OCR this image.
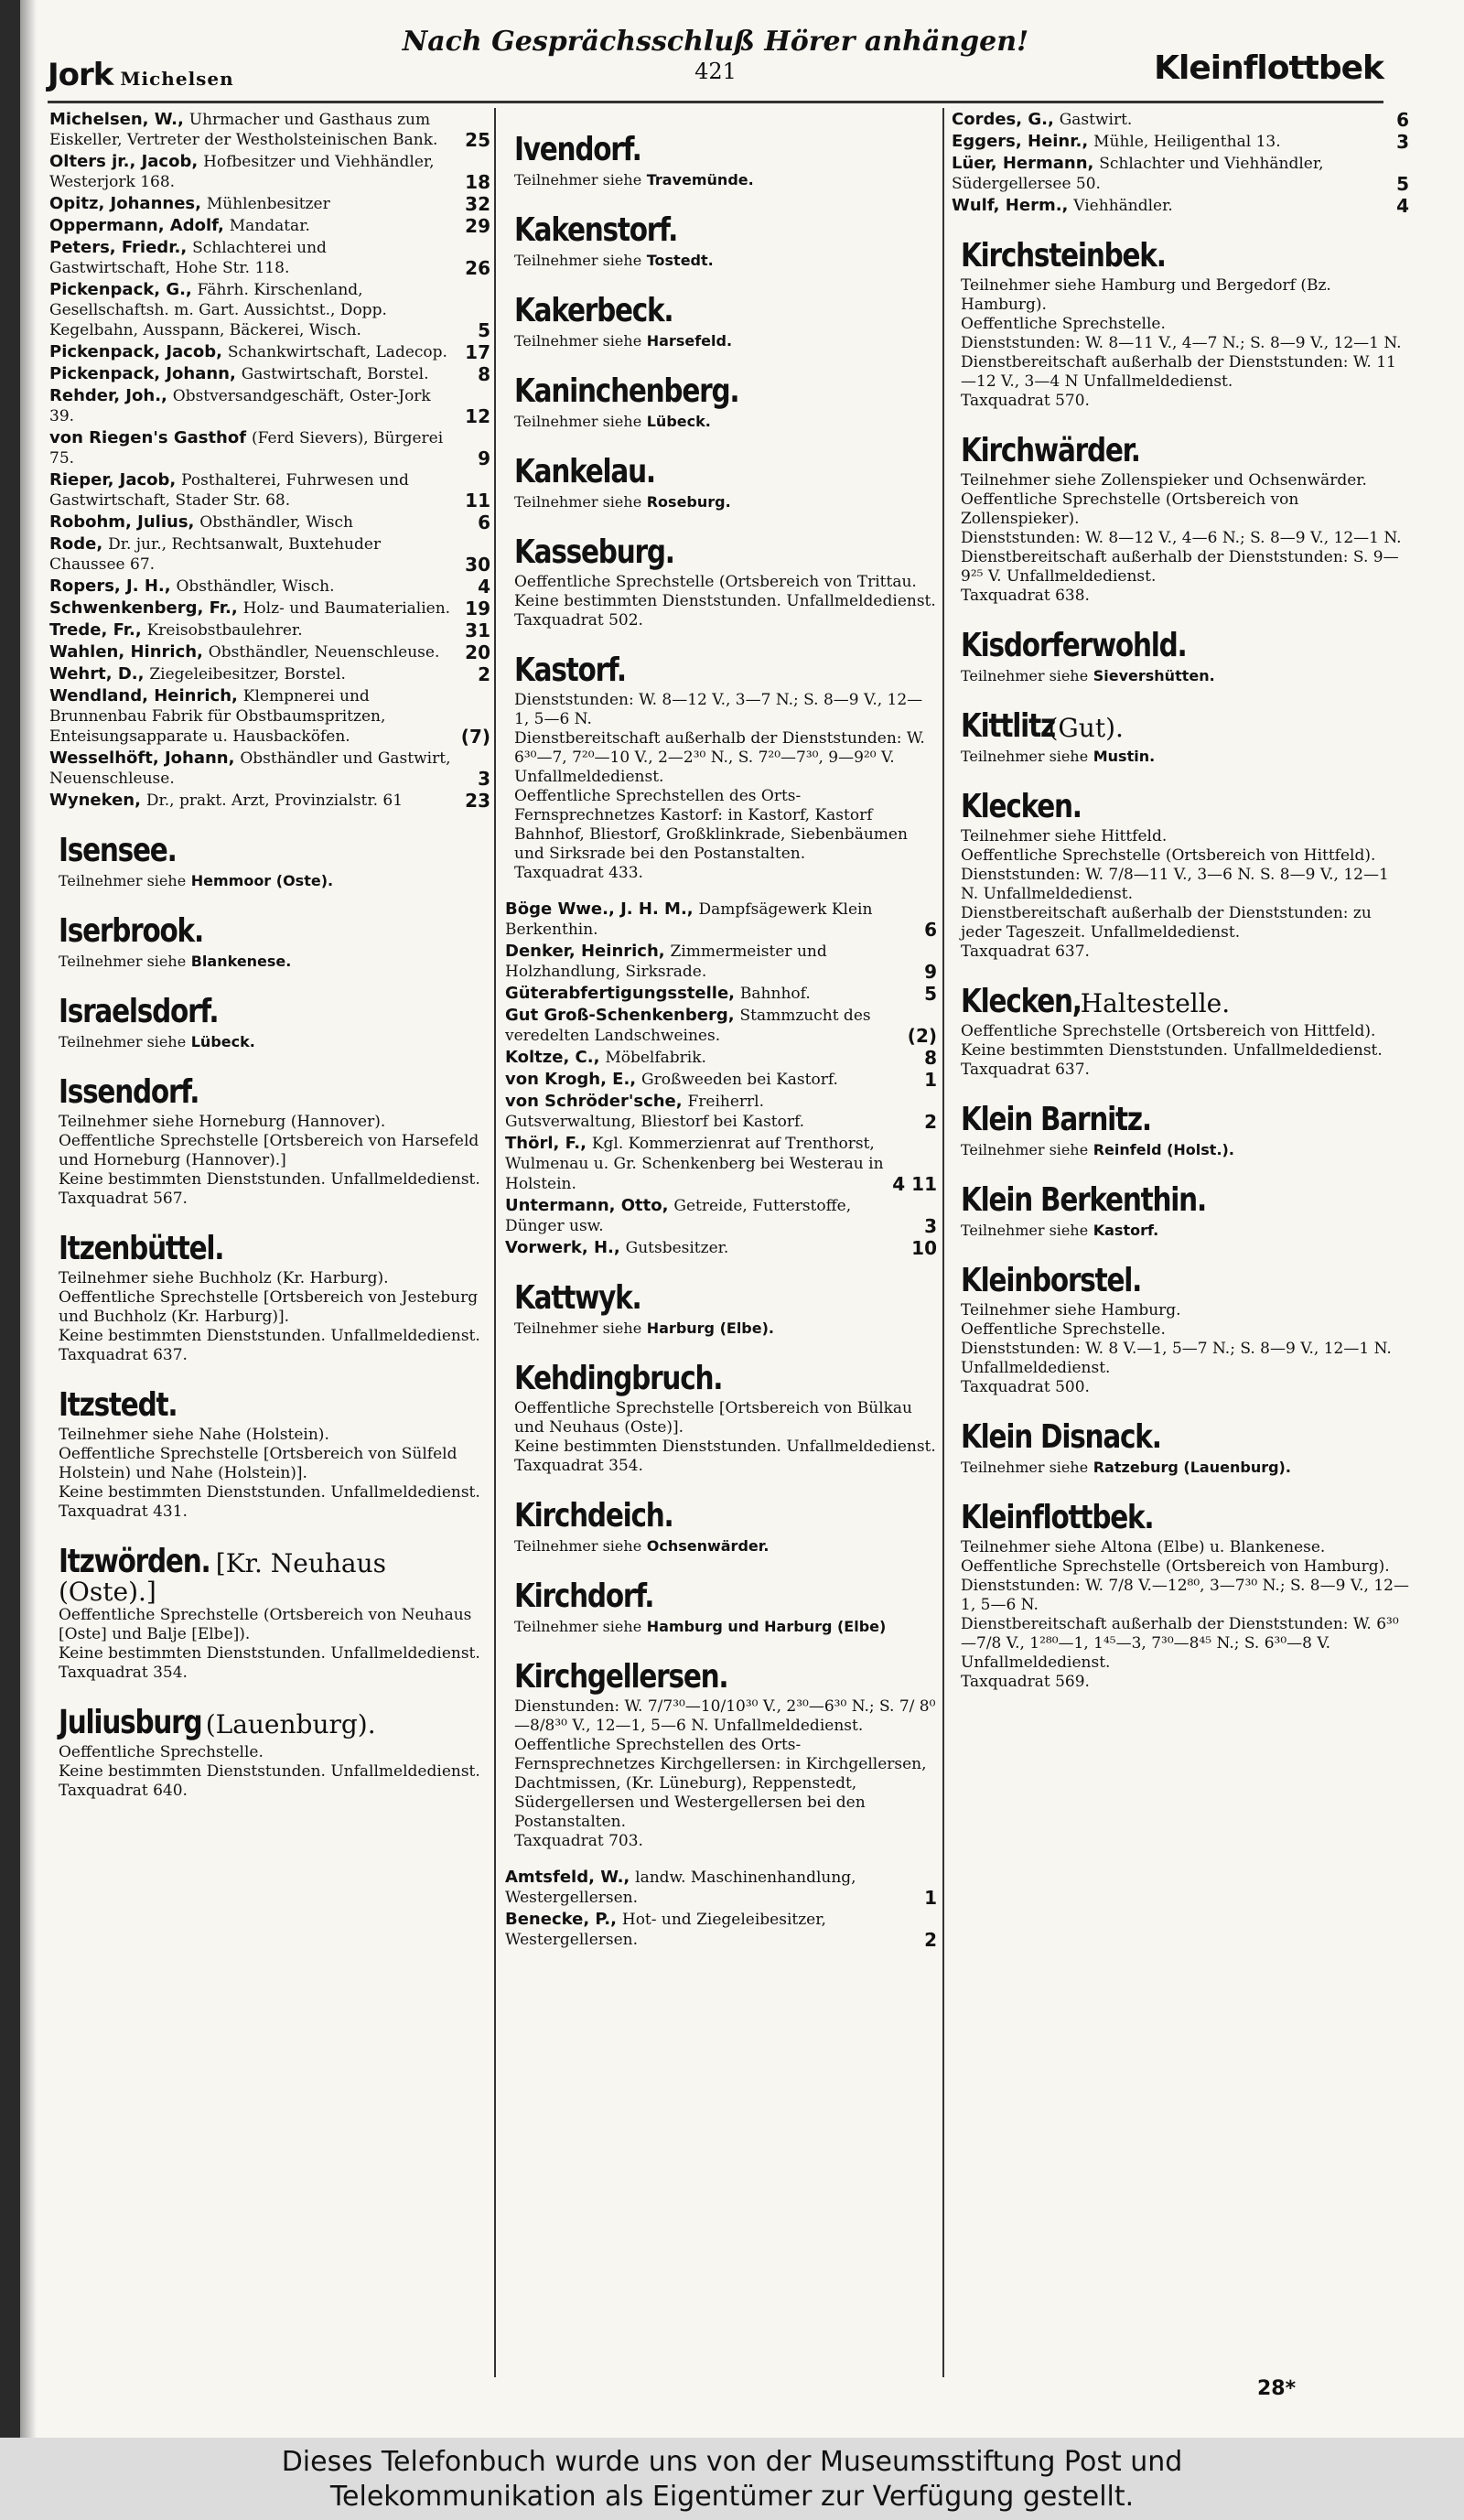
Jork Michelsen
Nach Gesprächsschluß Hörer anhängen!
421	Kleinflottbek
Michelsen, W., Uhrmacher und Gasthaus zum Eiskeller, Vertreter der Westholsteinischen Bank. 25
Olters jr., Jacob, Hofbesitzer und Viehhändler, Westerjork 168.	18
Opitz, Johannes, Mühlenbesitzer	32
Oppermann, Adolf, Mandatar.	29
Peters, Friedr., Schlachterei und Gastwirtschaft, Hohe Str. 118.	26
Pickenpack, G., Fährh. Kirschenland, Gesellschaftsh. m. Gart. Aussichtst., Dopp. Kegelbahn, Ausspann, Bäckerei, Wisch.	5
Pickenpack, Jacob, Schankwirtschaft, Ladecop. 17
Pickenpack, Johann, Gastwirtschaft, Borstel.	8
Rehder, Joh., Obstversandgeschäft, Oster-Jork 39.	12
von Riegen's Gasthof (Ferd Sievers), Bürgerei 75.	9
Rieper, Jacob, Posthalterei, Fuhrwesen und Gastwirtschaft, Stader Str. 68.	11
Robohm, Julius, Obsthändler, Wisch	6
Rode, Dr. jur., Rechtsanwalt, Buxtehuder Chaussee 67.	30
Ropers, J. H., Obsthändler, Wisch.	4
Schwenkenberg, Fr., Holz- und Baumaterialien. 19
Trede, Fr., Kreisobstbaulehrer.	31
Wahlen, Hinrich, Obsthändler, Neuenschleuse. 20
Wehrt, D., Ziegeleibesitzer, Borstel.	2
Wendland, Heinrich, Klempnerei und Brunnenbau Fabrik für Obstbaumspritzen, Enteisungsapparate u. Hausbacköfen.	(7)
Wesselhöft, Johann, Obsthändler und Gastwirt, Neuenschleuse.	3
Wyneken, Dr., prakt. Arzt, Provinzialstr. 61	23
Isensee.
Teilnehmer siehe Hemmoor (Oste).
Iserbrook.
Teilnehmer siehe Blankenese.
Israelsdorf.
Teilnehmer siehe Lübeck.
Issendorf.
Teilnehmer siehe Horneburg (Hannover).
Oeffentliche Sprechstelle [Ortsbereich von Harsefeld und Horneburg (Hannover).]
Keine bestimmten Dienststunden. Unfallmeldedienst.
Taxquadrat 567.
Itzenbüttel.
Teilnehmer siehe Buchholz (Kr. Harburg).
Oeffentliche Sprechstelle [Ortsbereich von Jesteburg und Buchholz (Kr. Harburg)].
Keine bestimmten Dienststunden. Unfallmeldedienst.
Taxquadrat 637.
Itzstedt.
Teilnehmer siehe Nahe (Holstein).
Oeffentliche Sprechstelle [Ortsbereich von Sülfeld Holstein) und Nahe (Holstein)].
Keine bestimmten Dienststunden. Unfallmeldedienst.
Taxquadrat 431.
Itzwörden. [Kr. Neuhaus (Oste).]
Oeffentliche Sprechstelle (Ortsbereich von Neuhaus [Oste] und Balje [Elbe]).
Keine bestimmten Dienststunden. Unfallmeldedienst.
Taxquadrat 354.
Juliusburg (Lauenburg).
Oeffentliche Sprechstelle.
Keine bestimmten Dienststunden. Unfallmeldedienst.
Taxquadrat 640.
Ivendorf.
Teilnehmer siehe Travemünde.
Kakenstorf.
Teilnehmer siehe Tostedt.
Kakerbeck.
Teilnehmer siehe Harsefeld.
Kaninchenberg.
Teilnehmer siehe Lübeck.
Kankelau.
Teilnehmer siehe Roseburg.
Kasseburg.
Oeffentliche Sprechstelle (Ortsbereich von Trittau.
Keine bestimmten Dienststunden. Unfallmeldedienst.
Taxquadrat 502.
Kastorf.
Dienststunden: W. 8—12 V., 3—7 N.; S. 8—9 V., 12—1, 5—6 N.
Dienstbereitschaft außerhalb der Dienststunden: W. 6³⁰—7, 7²⁰—10 V., 2—2³⁰ N., S. 7²⁰—7³⁰, 9—9²⁰ V. Unfallmeldedienst.
Oeffentliche Sprechstellen des Orts-Fernsprechnetzes Kastorf: in Kastorf, Kastorf Bahnhof, Bliestorf, Großklinkrade, Siebenbäumen und Sirksrade bei den Postanstalten.
Taxquadrat 433.
Böge Wwe., J. H. M., Dampfsägewerk Klein Berkenthin.	6
Denker, Heinrich, Zimmermeister und Holzhandlung, Sirksrade.	9
Güterabfertigungsstelle, Bahnhof.	5
Gut Groß-Schenkenberg, Stammzucht des veredelten Landschweines.	(2)
Koltze, C., Möbelfabrik.	8
von Krogh, E., Großweeden bei Kastorf.	1
von Schröder'sche, Freiherrl. Gutsverwaltung, Bliestorf bei Kastorf.	2
Thörl, F., Kgl. Kommerzienrat auf Trenthorst, Wulmenau u. Gr. Schenkenberg bei Westerau in Holstein.	4 11
Untermann, Otto, Getreide, Futterstoffe, Dünger usw.	3
Vorwerk, H., Gutsbesitzer.	10
Kattwyk.
Teilnehmer siehe Harburg (Elbe).
Kehdingbruch.
Oeffentliche Sprechstelle [Ortsbereich von Bülkau und Neuhaus (Oste)].
Keine bestimmten Dienststunden. Unfallmeldedienst.
Taxquadrat 354.
Kirchdeich.
Teilnehmer siehe Ochsenwärder.
Kirchdorf.
Teilnehmer siehe Hamburg und Harburg (Elbe)
Kirchgellersen.
Dienstunden: W. 7/7³⁰—10/10³⁰ V., 2³⁰—6³⁰ N.; S. 7/ 8⁰—8/8³⁰ V., 12—1, 5—6 N. Unfallmeldedienst.
Oeffentliche Sprechstellen des Orts-Fernsprechnetzes Kirchgellersen: in Kirchgellersen, Dachtmissen, (Kr. Lüneburg), Reppenstedt, Südergellersen und Westergellersen bei den Postanstalten.
Taxquadrat 703.
Amtsfeld, W., landw. Maschinenhandlung, Westergellersen.	1
Benecke, P., Hot- und Ziegeleibesitzer, Westergellersen.	2
Cordes, G., Gastwirt.	6
Eggers, Heinr., Mühle, Heiligenthal 13.	3
Lüer, Hermann, Schlachter und Viehhändler, Südergellersee 50.	5
Wulf, Herm., Viehhändler.	4
Kirchsteinbek.
Teilnehmer siehe Hamburg und Bergedorf (Bz. Hamburg).
Oeffentliche Sprechstelle.
Dienststunden: W. 8—11 V., 4—7 N.; S. 8—9 V., 12—1 N.
Dienstbereitschaft außerhalb der Dienststunden: W. 11—12 V., 3—4 N Unfallmeldedienst.
Taxquadrat 570.
Kirchwärder.
Teilnehmer siehe Zollenspieker und Ochsenwärder.
Oeffentliche Sprechstelle (Ortsbereich von Zollenspieker).
Dienststunden: W. 8—12 V., 4—6 N.; S. 8—9 V., 12—1 N.
Dienstbereitschaft außerhalb der Dienststunden: S. 9—9²⁵ V. Unfallmeldedienst.
Taxquadrat 638.
Kisdorferwohld.
Teilnehmer siehe Sievershütten.
Kittlitz(Gut).
Teilnehmer siehe Mustin.
Klecken.
Teilnehmer siehe Hittfeld.
Oeffentliche Sprechstelle (Ortsbereich von Hittfeld).
Dienststunden: W. 7/8—11 V., 3—6 N. S. 8—9 V., 12—1 N. Unfallmeldedienst.
Dienstbereitschaft außerhalb der Dienststunden: zu jeder Tageszeit. Unfallmeldedienst.
Taxquadrat 637.
Klecken,Haltestelle.
Oeffentliche Sprechstelle (Ortsbereich von Hittfeld).
Keine bestimmten Dienststunden. Unfallmeldedienst.
Taxquadrat 637.
Klein Barnitz.
Teilnehmer siehe Reinfeld (Holst.).
Klein Berkenthin.
Teilnehmer siehe Kastorf.
Kleinborstel.
Teilnehmer siehe Hamburg.
Oeffentliche Sprechstelle.
Dienststunden: W. 8 V.—1, 5—7 N.; S. 8—9 V., 12—1 N. Unfallmeldedienst.
Taxquadrat 500.
Klein Disnack.
Teilnehmer siehe Ratzeburg (Lauenburg).
Kleinflottbek.
Teilnehmer siehe Altona (Elbe) u. Blankenese.
Oeffentliche Sprechstelle (Ortsbereich von Hamburg).
Dienststunden: W. 7/8 V.—12⁸⁰, 3—7³⁰ N.; S. 8—9 V., 12—1, 5—6 N.
Dienstbereitschaft außerhalb der Dienststunden: W. 6³⁰—7/8 V., 1²⁸⁰—1, 1⁴⁵—3, 7³⁰—8⁴⁵ N.; S. 6³⁰—8 V. Unfallmeldedienst.
Taxquadrat 569.
28*
Dieses Telefonbuch wurde uns von der Museumsstiftung Post und
Telekommunikation als Eigentümer zur Verfügung gestellt.
